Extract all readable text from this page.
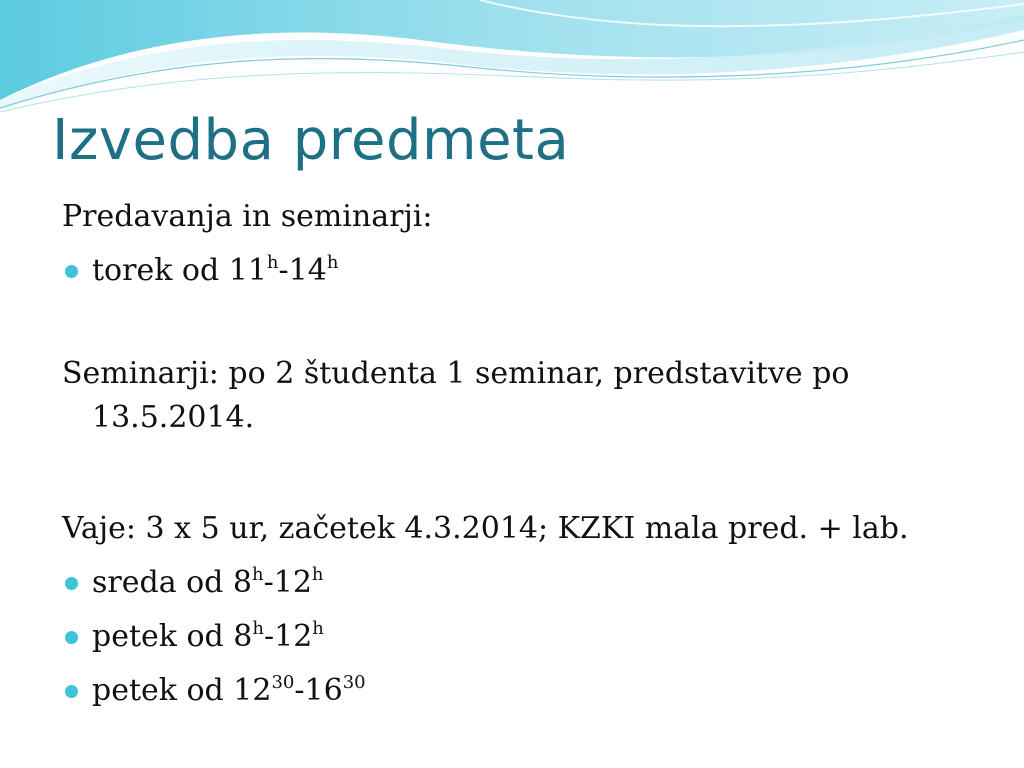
Izvedba predmeta
Predavanja in seminarji:
torek od 11$^h$-14$^h$
Seminarji: po 2 študenta 1 seminar, predstavitve po
13.5.2014.
Vaje: 3 x 5 ur, začetek 4.3.2014; KZKI mala pred. + lab.
sreda od 8$^h$-12$^h$
petek od 8$^h$-12$^h$
petek od $12^{30}-16^{30}$
